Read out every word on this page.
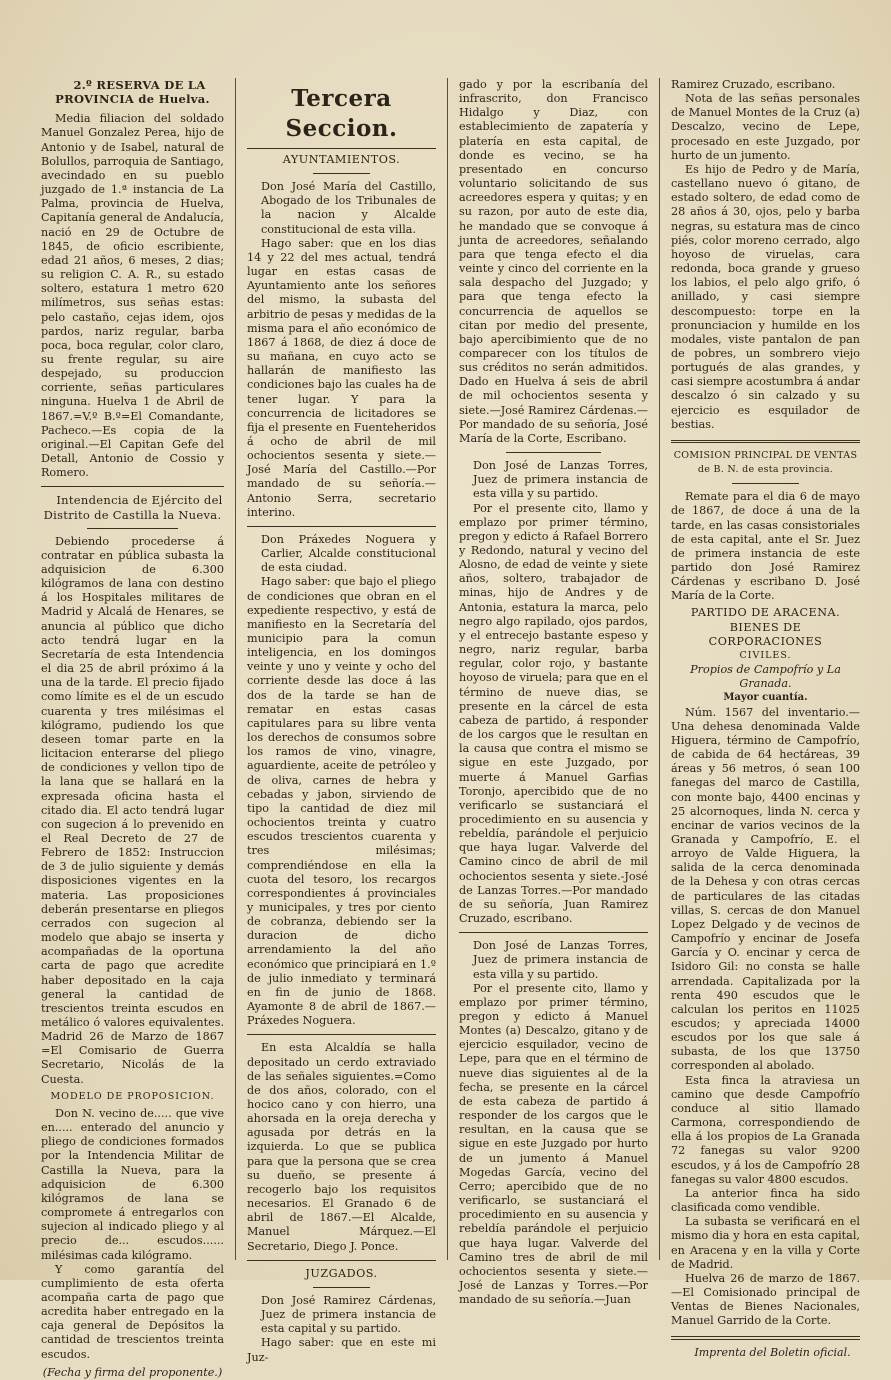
2.º RESERVA DE LA PROVINCIA de Huelva.

Media filiacion del soldado Manuel Gonzalez Perea, hijo de Antonio y de Isabel, natural de Bolullos, parroquia de Santiago, avecindado en su pueblo juzgado de 1.ª instancia de La Palma, provincia de Huelva, Capitanía general de Andalucía, nació en 29 de Octubre de 1845, de oficio escribiente, edad 21 años, 6 meses, 2 dias; su religion C. A. R., su estado soltero, estatura 1 metro 620 milímetros, sus señas estas: pelo castaño, cejas idem, ojos pardos, nariz regular, barba poca, boca regular, color claro, su frente regular, su aire despejado, su produccion corriente, señas particulares ninguna. Huelva 1 de Abril de 1867.=V.º B.º=El Comandante, Pacheco.—Es copia de la original.—El Capitan Gefe del Detall, Antonio de Cossio y Romero.

Intendencia de Ejército del Distrito de Castilla la Nueva.

Debiendo procederse á contratar en pública subasta la adquisicion de 6.300 kilógramos de lana con destino á los Hospitales militares de Madrid y Alcalá de Henares, se anuncia al público que dicho acto tendrá lugar en la Secretaría de esta Intendencia el dia 25 de abril próximo á la una de la tarde. El precio fijado como límite es el de un escudo cuarenta y tres milésimas el kilógramo, pudiendo los que deseen tomar parte en la licitacion enterarse del pliego de condiciones y vellon tipo de la lana que se hallará en la expresada oficina hasta el citado dia. El acto tendrá lugar con sugecion á lo prevenido en el Real Decreto de 27 de Febrero de 1852: Instruccion de 3 de julio siguiente y demás disposiciones vigentes en la materia. Las proposiciones deberán presentarse en pliegos cerrados con sugecion al modelo que abajo se inserta y acompañadas de la oportuna carta de pago que acredite haber depositado en la caja general la cantidad de trescientos treinta escudos en metálico ó valores equivalentes. Madrid 26 de Marzo de 1867 =El Comisario de Guerra Secretario, Nicolás de la Cuesta.

MODELO DE PROPOSICION.

Don N. vecino de..... que vive en..... enterado del anuncio y pliego de condiciones formados por la Intendencia Militar de Castilla la Nueva, para la adquisicion de 6.300 kilógramos de lana se compromete á entregarlos con sujecion al indicado pliego y al precio de... escudos...... milésimas cada kilógramo.

Y como garantía del cumplimiento de esta oferta acompaña carta de pago que acredita haber entregado en la caja general de Depósitos la cantidad de trescientos treinta escudos.

(Fecha y firma del proponente.)

Tercera Seccion.

AYUNTAMIENTOS.

Don José María del Castillo, Abogado de los Tribunales de la nacion y Alcalde constitucional de esta villa.

Hago saber: que en los dias 14 y 22 del mes actual, tendrá lugar en estas casas de Ayuntamiento ante los señores del mismo, la subasta del arbitrio de pesas y medidas de la misma para el año económico de 1867 á 1868, de diez á doce de su mañana, en cuyo acto se hallarán de manifiesto las condiciones bajo las cuales ha de tener lugar. Y para la concurrencia de licitadores se fija el presente en Fuenteheridos á ocho de abril de mil ochocientos sesenta y siete.—José María del Castillo.—Por mandado de su señoría.—Antonio Serra, secretario interino.

Don Práxedes Noguera y Carlier, Alcalde constitucional de esta ciudad.

Hago saber: que bajo el pliego de condiciones que obran en el expediente respectivo, y está de manifiesto en la Secretaría del municipio para la comun inteligencia, en los domingos veinte y uno y veinte y ocho del corriente desde las doce á las dos de la tarde se han de rematar en estas casas capitulares para su libre venta los derechos de consumos sobre los ramos de vino, vinagre, aguardiente, aceite de petróleo y de oliva, carnes de hebra y cebadas y jabon, sirviendo de tipo la cantidad de diez mil ochocientos treinta y cuatro escudos trescientos cuarenta y tres milésimas; comprendiéndose en ella la cuota del tesoro, los recargos correspondientes á provinciales y municipales, y tres por ciento de cobranza, debiendo ser la duracion de dicho arrendamiento la del año económico que principiará en 1.º de julio inmediato y terminará en fin de junio de 1868. Ayamonte 8 de abril de 1867.—Práxedes Noguera.

En esta Alcaldía se halla depositado un cerdo extraviado de las señales siguientes.=Como de dos años, colorado, con el hocico cano y con hierro, una ahorsada en la oreja derecha y agusada por detrás en la izquierda. Lo que se publica para que la persona que se crea su dueño, se presente á recogerlo bajo los requisitos necesarios. El Granado 6 de abril de 1867.—El Alcalde, Manuel Márquez.—El Secretario, Diego J. Ponce.

JUZGADOS.

Don José Ramirez Cárdenas, Juez de primera instancia de esta capital y su partido.

Hago saber: que en este mi Juz-

gado y por la escribanía del infrascrito, don Francisco Hidalgo y Diaz, con establecimiento de zapatería y platería en esta capital, de donde es vecino, se ha presentado en concurso voluntario solicitando de sus acreedores espera y quitas; y en su razon, por auto de este dia, he mandado que se convoque á junta de acreedores, señalando para que tenga efecto el dia veinte y cinco del corriente en la sala despacho del Juzgado; y para que tenga efecto la concurrencia de aquellos se citan por medio del presente, bajo apercibimiento que de no comparecer con los títulos de sus créditos no serán admitidos. Dado en Huelva á seis de abril de mil ochocientos sesenta y siete.—José Ramirez Cárdenas.—Por mandado de su señoría, José María de la Corte, Escribano.

Don José de Lanzas Torres, Juez de primera instancia de esta villa y su partido.

Por el presente cito, llamo y emplazo por primer término, pregon y edicto á Rafael Borrero y Redondo, natural y vecino del Alosno, de edad de veinte y siete años, soltero, trabajador de minas, hijo de Andres y de Antonia, estatura la marca, pelo negro algo rapilado, ojos pardos, y el entrecejo bastante espeso y negro, nariz regular, barba regular, color rojo, y bastante hoyoso de viruela; para que en el término de nueve dias, se presente en la cárcel de esta cabeza de partido, á responder de los cargos que le resultan en la causa que contra el mismo se sigue en este Juzgado, por muerte á Manuel Garfias Toronjo, apercibido que de no verificarlo se sustanciará el procedimiento en su ausencia y rebeldía, parándole el perjuicio que haya lugar. Valverde del Camino cinco de abril de mil ochocientos sesenta y siete.-José de Lanzas Torres.—Por mandado de su señoría, Juan Ramirez Cruzado, escribano.

Don José de Lanzas Torres, Juez de primera instancia de esta villa y su partido.

Por el presente cito, llamo y emplazo por primer término, pregon y edicto á Manuel Montes (a) Descalzo, gitano y de ejercicio esquilador, vecino de Lepe, para que en el término de nueve dias siguientes al de la fecha, se presente en la cárcel de esta cabeza de partido á responder de los cargos que le resultan, en la causa que se sigue en este Juzgado por hurto de un jumento á Manuel Mogedas García, vecino del Cerro; apercibido que de no verificarlo, se sustanciará el procedimiento en su ausencia y rebeldía parándole el perjuicio que haya lugar. Valverde del Camino tres de abril de mil ochocientos sesenta y siete.—José de Lanzas y Torres.—Por mandado de su señoría.—Juan

Ramirez Cruzado, escribano.

Nota de las señas personales de Manuel Montes de la Cruz (a) Descalzo, vecino de Lepe, procesado en este Juzgado, por hurto de un jumento.

Es hijo de Pedro y de María, castellano nuevo ó gitano, de estado soltero, de edad como de 28 años á 30, ojos, pelo y barba negras, su estatura mas de cinco piés, color moreno cerrado, algo hoyoso de viruelas, cara redonda, boca grande y grueso los labios, el pelo algo grifo, ó anillado, y casi siempre descompuesto: torpe en la pronunciacion y humilde en los modales, viste pantalon de pan de pobres, un sombrero viejo portugués de alas grandes, y casi siempre acostumbra á andar descalzo ó sin calzado y su ejercicio es esquilador de bestias.

COMISION PRINCIPAL DE VENTAS de B. N. de esta provincia.

Remate para el dia 6 de mayo de 1867, de doce á una de la tarde, en las casas consistoriales de esta capital, ante el Sr. Juez de primera instancia de este partido don José Ramirez Cárdenas y escribano D. José María de la Corte.

PARTIDO DE ARACENA.

BIENES DE CORPORACIONES

CIVILES.

Propios de Campofrío y La Granada.

Mayor cuantía.

Núm. 1567 del inventario.—Una dehesa denominada Valde Higuera, término de Campofrío, de cabida de 64 hectáreas, 39 áreas y 56 metros, ó sean 100 fanegas del marco de Castilla, con monte bajo, 4400 encinas y 25 alcornoques, linda N. cerca y encinar de varios vecinos de la Granada y Campofrío, E. el arroyo de Valde Higuera, la salida de la cerca denominada de la Dehesa y con otras cercas de particulares de las citadas villas, S. cercas de don Manuel Lopez Delgado y de vecinos de Campofrío y encinar de Josefa García y O. encinar y cerca de Isidoro Gil: no consta se halle arrendada. Capitalizada por la renta 490 escudos que le calculan los peritos en 11025 escudos; y apreciada 14000 escudos por los que sale á subasta, de los que 13750 corresponden al abolado.

Esta finca la atraviesa un camino que desde Campofrío conduce al sitio llamado Carmona, correspondiendo de ella á los propios de La Granada 72 fanegas su valor 9200 escudos, y á los de Campofrío 28 fanegas su valor 4800 escudos.

La anterior finca ha sido clasificada como vendible.

La subasta se verificará en el mismo dia y hora en esta capital, en Aracena y en la villa y Corte de Madrid.

Huelva 26 de marzo de 1867.—El Comisionado principal de Ventas de Bienes Nacionales, Manuel Garrido de la Corte.

Imprenta del Boletin oficial.
